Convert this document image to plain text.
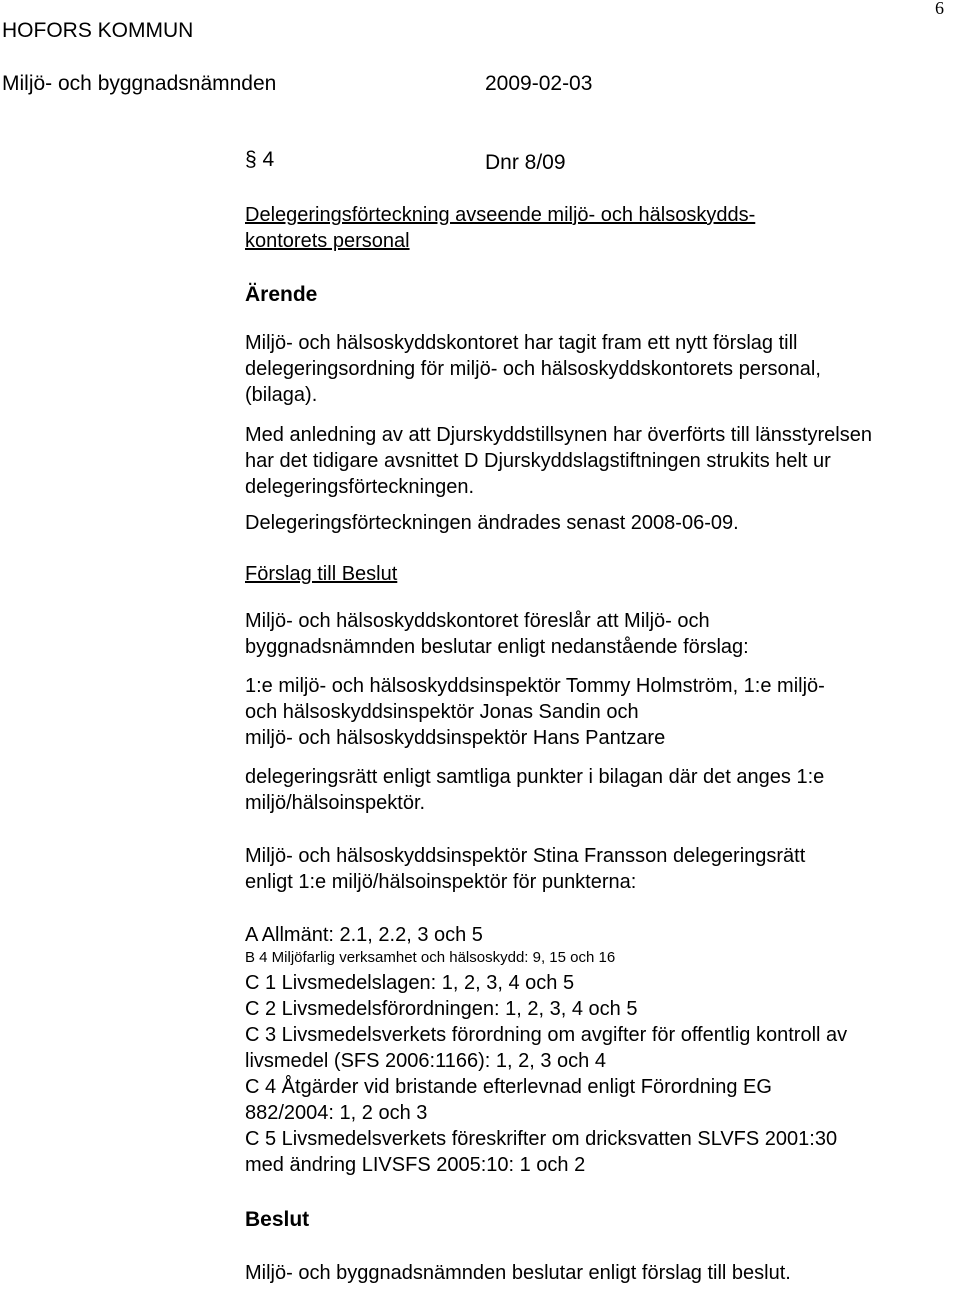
6
HOFORS KOMMUN
Miljö- och byggnadsnämnden	2009-02-03
§ 4	Dnr 8/09
Delegeringsförteckning avseende miljö- och hälsoskydds-
kontorets personal
Ärende
Miljö- och hälsoskyddskontoret har tagit fram ett nytt förslag till
delegeringsordning för miljö- och hälsoskyddskontorets personal,
(bilaga).
Med anledning av att Djurskyddstillsynen har överförts till länsstyrelsen
har det tidigare avsnittet D Djurskyddslagstiftningen strukits helt ur
delegeringsförteckningen.
Delegeringsförteckningen ändrades senast 2008-06-09.
Förslag till Beslut
Miljö- och hälsoskyddskontoret föreslår att Miljö- och
byggnadsnämnden beslutar enligt nedanstående förslag:
1:e miljö- och hälsoskyddsinspektör Tommy Holmström, 1:e miljö-
och hälsoskyddsinspektör Jonas Sandin och
miljö- och hälsoskyddsinspektör Hans Pantzare
delegeringsrätt enligt samtliga punkter i bilagan där det anges 1:e
miljö/hälsoinspektör.
Miljö- och hälsoskyddsinspektör Stina Fransson delegeringsrätt
enligt 1:e miljö/hälsoinspektör för punkterna:
A Allmänt: 2.1, 2.2, 3 och 5
B 4 Miljöfarlig verksamhet och hälsoskydd: 9, 15 och 16
C 1 Livsmedelslagen: 1, 2, 3, 4 och 5
C 2 Livsmedelsförordningen: 1, 2, 3, 4 och 5
C 3 Livsmedelsverkets förordning om avgifter för offentlig kontroll av
livsmedel (SFS 2006:1166): 1, 2, 3 och 4
C 4 Åtgärder vid bristande efterlevnad enligt Förordning EG
882/2004: 1, 2 och 3
C 5 Livsmedelsverkets föreskrifter om dricksvatten SLVFS 2001:30
med ändring LIVSFS 2005:10: 1 och 2
Beslut
Miljö- och byggnadsnämnden beslutar enligt förslag till beslut.
